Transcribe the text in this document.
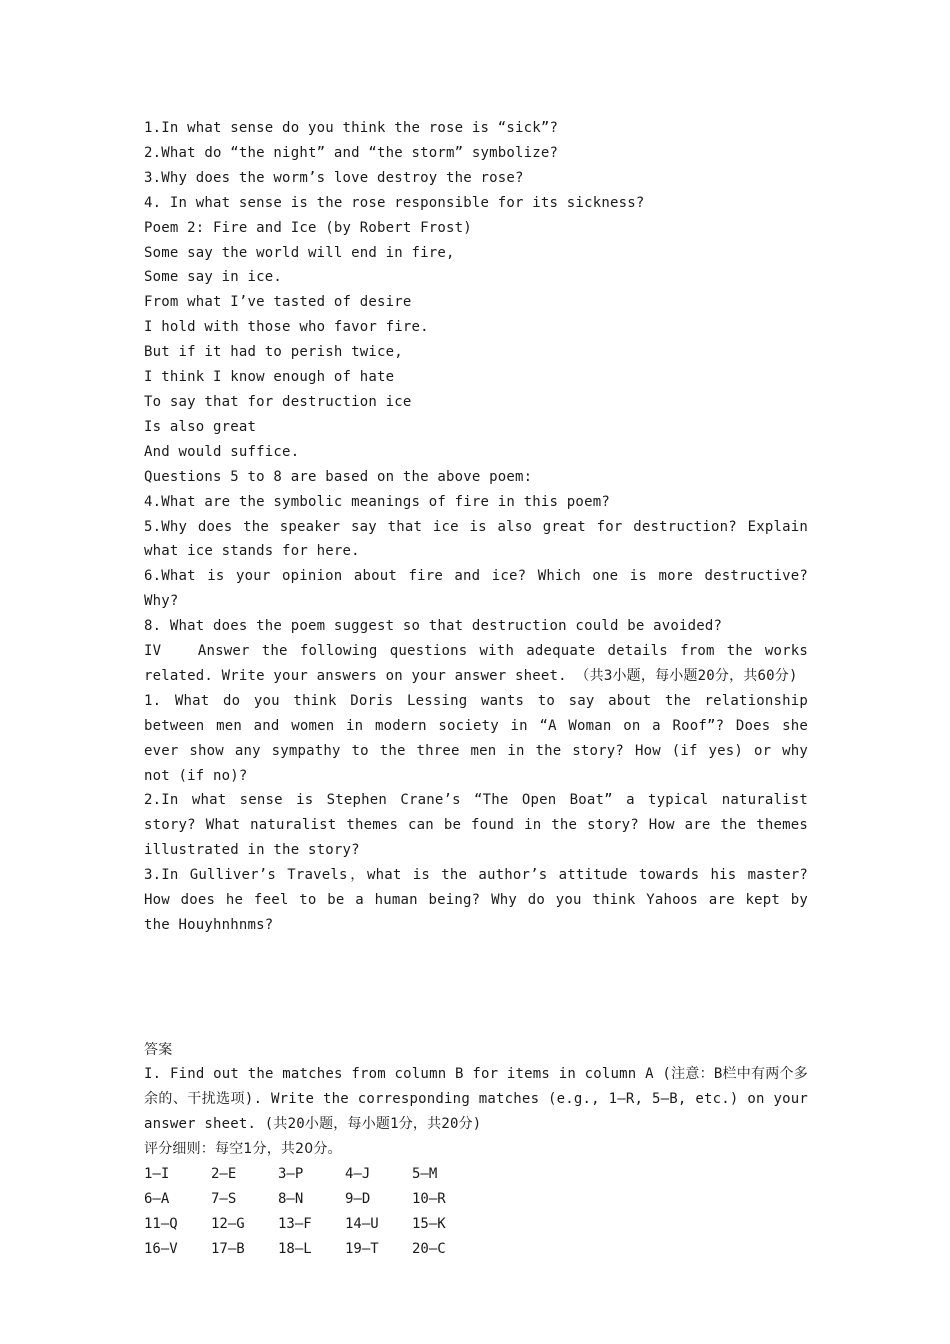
1.In what sense do you think the rose is “sick”?

2.What do “the night” and “the storm” symbolize?

3.Why does the worm’s love destroy the rose?

4. In what sense is the rose responsible for its sickness?

Poem 2: Fire and Ice (by Robert Frost)

Some say the world will end in fire,

Some say in ice.

From what I’ve tasted of desire

I hold with those who favor fire.

But if it had to perish twice,

I think I know enough of hate

To say that for destruction ice

Is also great

And would suffice.

Questions 5 to 8 are based on the above poem:

4.What are the symbolic meanings of fire in this poem?

5.Why does the speaker say that ice is also great for destruction? Explain what ice stands for here.

6.What is your opinion about fire and ice? Which one is more destructive? Why?

8. What does the poem suggest so that destruction could be avoided?

IV   Answer the following questions with adequate details from the works related. Write your answers on your answer sheet. （共3小题，每小题20分，共60分)

1. What do you think Doris Lessing wants to say about the relationship between men and women in modern society in “A Woman on a Roof”? Does she ever show any sympathy to the three men in the story? How (if yes) or why not (if no)?

2.In what sense is Stephen Crane’s “The Open Boat” a typical naturalist story? What naturalist themes can be found in the story? How are the themes illustrated in the story?

3.In Gulliver’s Travels，what is the author’s attitude towards his master? How does he feel to be a human being? Why do you think Yahoos are kept by the Houyhnhnms?

答案

I. Find out the matches from column B for items in column A (注意：B栏中有两个多余的、干扰选项). Write the corresponding matches (e.g., 1—R, 5—B, etc.) on your answer sheet. (共20小题，每小题1分，共20分)

评分细则：每空1分，共20分。

1—I	2—E	3—P	4—J	5—M
6—A	7—S	8—N	9—D	10—R
11—Q	12—G	13—F	14—U	15—K
16—V	17—B	18—L	19—T	20—C
